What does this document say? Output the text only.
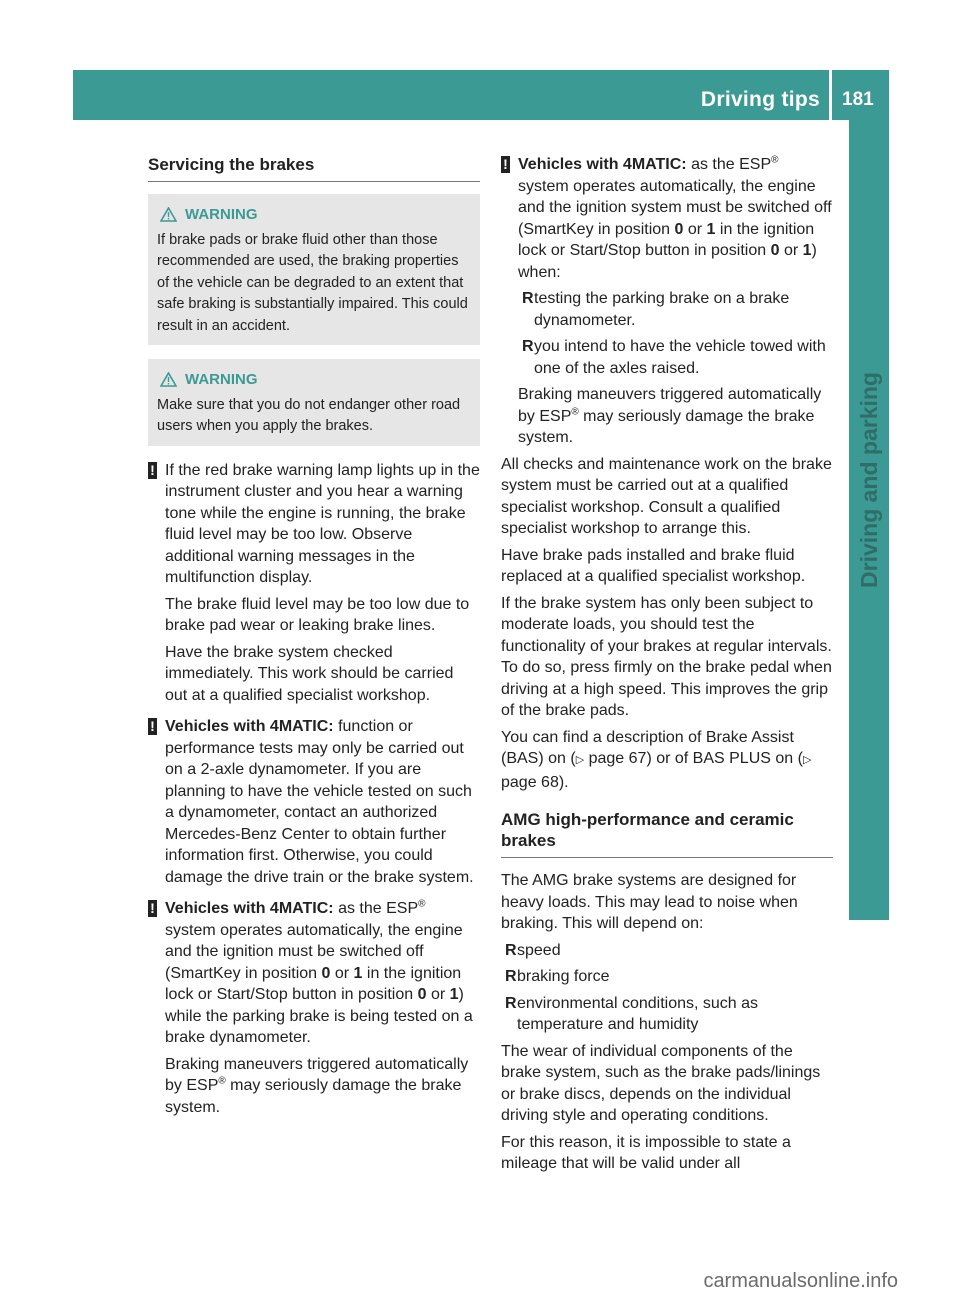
Driving tips 181
Driving and parking
Servicing the brakes
WARNING
If brake pads or brake fluid other than those recommended are used, the braking properties of the vehicle can be degraded to an extent that safe braking is substantially impaired. This could result in an accident.
WARNING
Make sure that you do not endanger other road users when you apply the brakes.
! If the red brake warning lamp lights up in the instrument cluster and you hear a warning tone while the engine is running, the brake fluid level may be too low. Observe additional warning messages in the multifunction display.

The brake fluid level may be too low due to brake pad wear or leaking brake lines.

Have the brake system checked immediately. This work should be carried out at a qualified specialist workshop.

! Vehicles with 4MATIC: function or performance tests may only be carried out on a 2-axle dynamometer. If you are planning to have the vehicle tested on such a dynamometer, contact an authorized Mercedes-Benz Center to obtain further information first. Otherwise, you could damage the drive train or the brake system.

! Vehicles with 4MATIC: as the ESP® system operates automatically, the engine and the ignition must be switched off (SmartKey in position 0 or 1 in the ignition lock or Start/Stop button in position 0 or 1) while the parking brake is being tested on a brake dynamometer.

Braking maneuvers triggered automatically by ESP® may seriously damage the brake system.

! Vehicles with 4MATIC: as the ESP® system operates automatically, the engine and the ignition system must be switched off (SmartKey in position 0 or 1 in the ignition lock or Start/Stop button in position 0 or 1) when:

R testing the parking brake on a brake dynamometer.
R you intend to have the vehicle towed with one of the axles raised.

Braking maneuvers triggered automatically by ESP® may seriously damage the brake system.

All checks and maintenance work on the brake system must be carried out at a qualified specialist workshop. Consult a qualified specialist workshop to arrange this.

Have brake pads installed and brake fluid replaced at a qualified specialist workshop.

If the brake system has only been subject to moderate loads, you should test the functionality of your brakes at regular intervals. To do so, press firmly on the brake pedal when driving at a high speed. This improves the grip of the brake pads.

You can find a description of Brake Assist (BAS) on (▷ page 67) or of BAS PLUS on (▷ page 68).

AMG high-performance and ceramic brakes

The AMG brake systems are designed for heavy loads. This may lead to noise when braking. This will depend on:

R speed
R braking force
R environmental conditions, such as temperature and humidity

The wear of individual components of the brake system, such as the brake pads/linings or brake discs, depends on the individual driving style and operating conditions.

For this reason, it is impossible to state a mileage that will be valid under all

carmanualsonline.info
